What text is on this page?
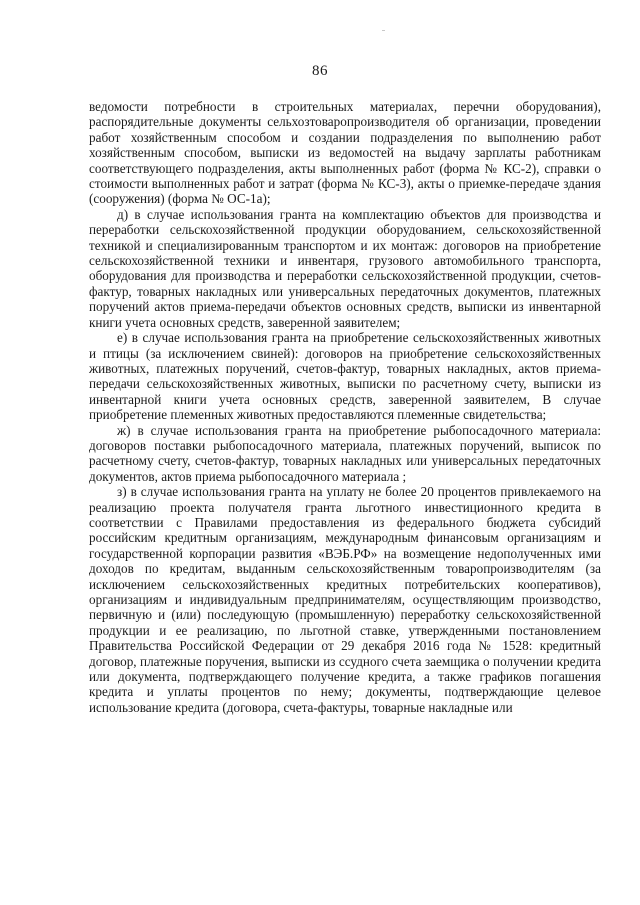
86

ведомости потребности в строительных материалах, перечни оборудования), распорядительные документы сельхозтоваропроизводителя об организации, проведении работ хозяйственным способом и создании подразделения по выполнению работ хозяйственным способом, выписки из ведомостей на выдачу зарплаты работникам соответствующего подразделения, акты выполненных работ (форма № КС-2), справки о стоимости выполненных работ и затрат (форма № КС-3), акты о приемке-передаче здания (сооружения) (форма № ОС-1а);

д) в случае использования гранта на комплектацию объектов для производства и переработки сельскохозяйственной продукции оборудованием, сельскохозяйственной техникой и специализированным транспортом и их монтаж: договоров на приобретение сельскохозяйственной техники и инвентаря, грузового автомобильного транспорта, оборудования для производства и переработки сельскохозяйственной продукции, счетов-фактур, товарных накладных или универсальных передаточных документов, платежных поручений актов приема-передачи объектов основных средств, выписки из инвентарной книги учета основных средств, заверенной заявителем;

е) в случае использования гранта на приобретение сельскохозяйственных животных и птицы (за исключением свиней): договоров на приобретение сельскохозяйственных животных, платежных поручений, счетов-фактур, товарных накладных, актов приема-передачи сельскохозяйственных животных, выписки по расчетному счету, выписки из инвентарной книги учета основных средств, заверенной заявителем, В случае приобретение племенных животных предоставляются племенные свидетельства;

ж) в случае использования гранта на приобретение рыбопосадочного материала: договоров поставки рыбопосадочного материала, платежных поручений, выписок по расчетному счету, счетов-фактур, товарных накладных или универсальных передаточных документов, актов приема рыбопосадочного материала ;

з) в случае использования гранта на уплату не более 20 процентов привлекаемого на реализацию проекта получателя гранта льготного инвестиционного кредита в соответствии с Правилами предоставления из федерального бюджета субсидий российским кредитным организациям, международным финансовым организациям и государственной корпорации развития «ВЭБ.РФ» на возмещение недополученных ими доходов по кредитам, выданным сельскохозяйственным товаропроизводителям (за исключением сельскохозяйственных кредитных потребительских кооперативов), организациям и индивидуальным предпринимателям, осуществляющим производство, первичную и (или) последующую (промышленную) переработку сельскохозяйственной продукции и ее реализацию, по льготной ставке, утвержденными постановлением Правительства Российской Федерации от 29 декабря 2016 года № 1528: кредитный договор, платежные поручения, выписки из ссудного счета заемщика о получении кредита или документа, подтверждающего получение кредита, а также графиков погашения кредита и уплаты процентов по нему; документы, подтверждающие целевое использование кредита (договора, счета-фактуры, товарные накладные или
